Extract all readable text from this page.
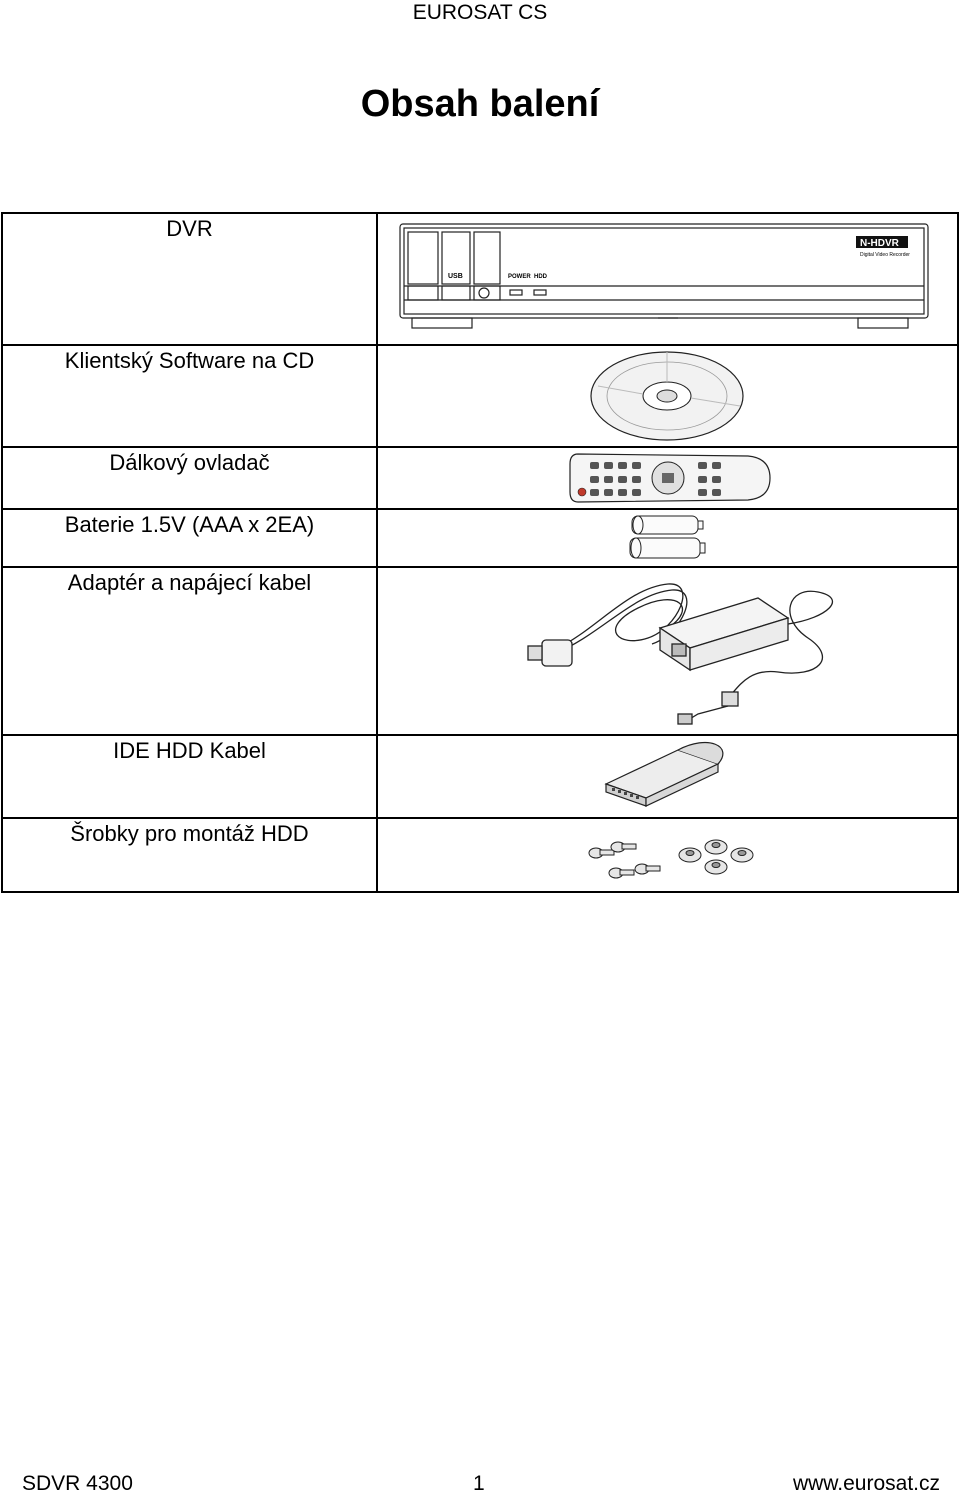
EUROSAT CS
Obsah balení
DVR	USB POWER HDD
N-HDVR
Digital Video Recorder

Klientský Software na CD

Dálkový ovladač

Baterie 1.5V (AAA x 2EA)

Adaptér a napájecí kabel

IDE HDD Kabel

Šrobky pro montáž HDD

SDVR 4300	1	www.eurosat.cz
